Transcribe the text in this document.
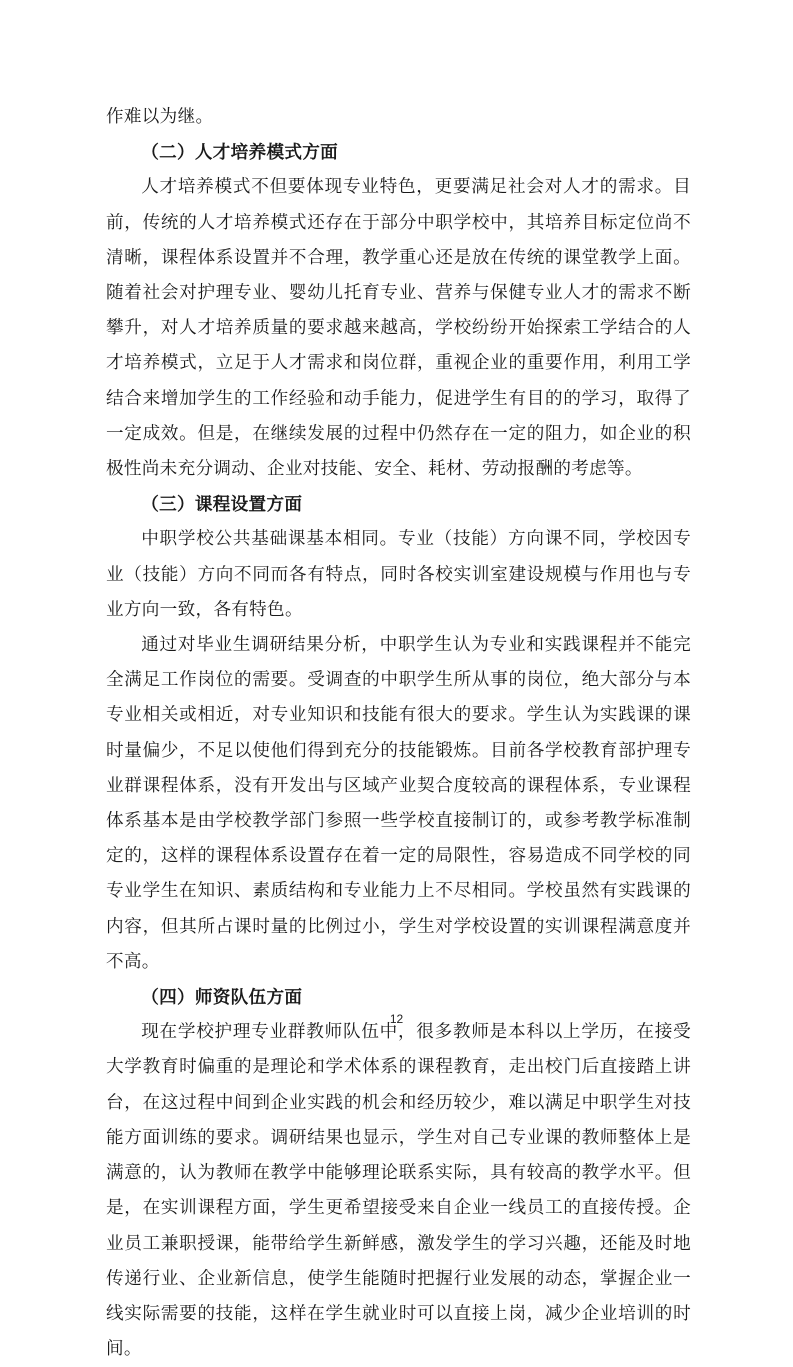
作难以为继。

（二）人才培养模式方面

人才培养模式不但要体现专业特色，更要满足社会对人才的需求。目前，传统的人才培养模式还存在于部分中职学校中，其培养目标定位尚不清晰，课程体系设置并不合理，教学重心还是放在传统的课堂教学上面。随着社会对护理专业、婴幼儿托育专业、营养与保健专业人才的需求不断攀升，对人才培养质量的要求越来越高，学校纷纷开始探索工学结合的人才培养模式，立足于人才需求和岗位群，重视企业的重要作用，利用工学结合来增加学生的工作经验和动手能力，促进学生有目的的学习，取得了一定成效。但是，在继续发展的过程中仍然存在一定的阻力，如企业的积极性尚未充分调动、企业对技能、安全、耗材、劳动报酬的考虑等。

（三）课程设置方面

中职学校公共基础课基本相同。专业（技能）方向课不同，学校因专业（技能）方向不同而各有特点，同时各校实训室建设规模与作用也与专业方向一致，各有特色。

通过对毕业生调研结果分析，中职学生认为专业和实践课程并不能完全满足工作岗位的需要。受调查的中职学生所从事的岗位，绝大部分与本专业相关或相近，对专业知识和技能有很大的要求。学生认为实践课的课时量偏少，不足以使他们得到充分的技能锻炼。目前各学校教育部护理专业群课程体系，没有开发出与区域产业契合度较高的课程体系，专业课程体系基本是由学校教学部门参照一些学校直接制订的，或参考教学标准制定的，这样的课程体系设置存在着一定的局限性，容易造成不同学校的同专业学生在知识、素质结构和专业能力上不尽相同。学校虽然有实践课的内容，但其所占课时量的比例过小，学生对学校设置的实训课程满意度并不高。

（四）师资队伍方面

现在学校护理专业群教师队伍中，很多教师是本科以上学历，在接受大学教育时偏重的是理论和学术体系的课程教育，走出校门后直接踏上讲台，在这过程中间到企业实践的机会和经历较少，难以满足中职学生对技能方面训练的要求。调研结果也显示，学生对自己专业课的教师整体上是满意的，认为教师在教学中能够理论联系实际，具有较高的教学水平。但是，在实训课程方面，学生更希望接受来自企业一线员工的直接传授。企业员工兼职授课，能带给学生新鲜感，激发学生的学习兴趣，还能及时地传递行业、企业新信息，使学生能随时把握行业发展的动态，掌握企业一线实际需要的技能，这样在学生就业时可以直接上岗，减少企业培训的时间。

12
